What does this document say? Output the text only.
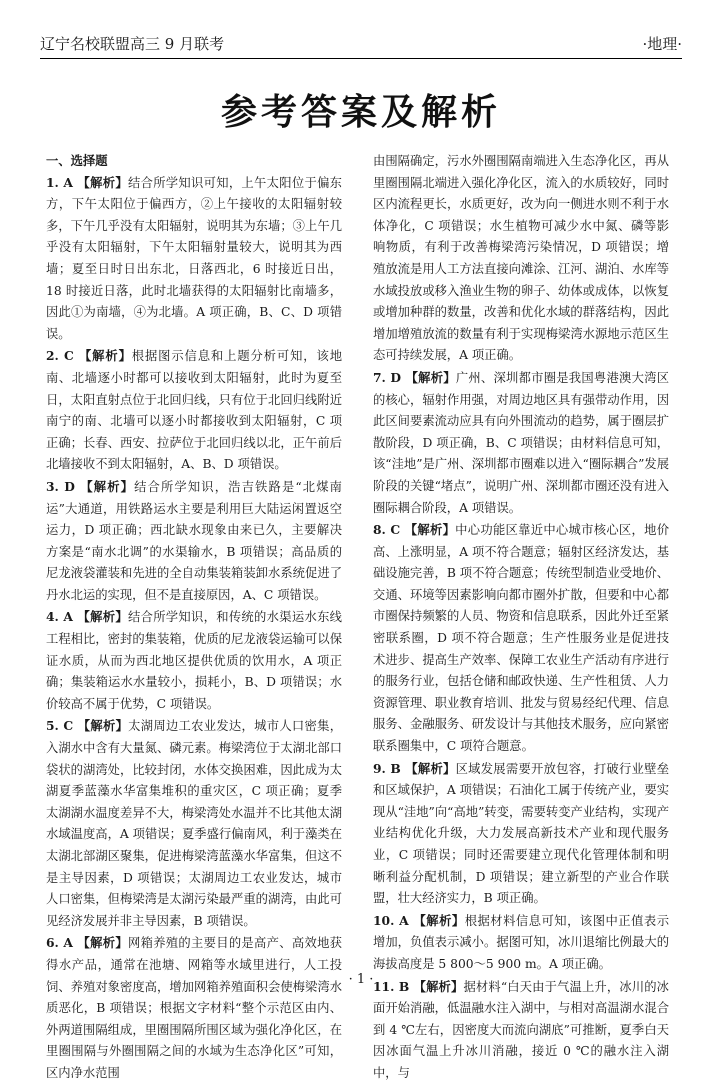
辽宁名校联盟高三 9 月联考	·地理·
参考答案及解析
一、选择题

1. A 【解析】结合所学知识可知，上午太阳位于偏东方，下午太阳位于偏西方，②上午接收的太阳辐射较多，下午几乎没有太阳辐射，说明其为东墙；③上午几乎没有太阳辐射，下午太阳辐射量较大，说明其为西墙；夏至日时日出东北，日落西北，6 时接近日出，18 时接近日落，此时北墙获得的太阳辐射比南墙多，因此①为南墙，④为北墙。A 项正确，B、C、D 项错误。

2. C 【解析】根据图示信息和上题分析可知，该地南、北墙逐小时都可以接收到太阳辐射，此时为夏至日，太阳直射点位于北回归线，只有位于北回归线附近南宁的南、北墙可以逐小时都接收到太阳辐射，C 项正确；长春、西安、拉萨位于北回归线以北，正午前后北墙接收不到太阳辐射，A、B、D 项错误。

3. D 【解析】结合所学知识，浩吉铁路是“北煤南运”大通道，用铁路运水主要是利用巨大陆运闲置返空运力，D 项正确；西北缺水现象由来已久，主要解决方案是“南水北调”的水渠输水，B 项错误；高品质的尼龙液袋灌装和先进的全自动集装箱装卸水系统促进了丹水北运的实现，但不是直接原因，A、C 项错误。

4. A 【解析】结合所学知识，和传统的水渠运水东线工程相比，密封的集装箱，优质的尼龙液袋运输可以保证水质，从而为西北地区提供优质的饮用水，A 项正确；集装箱运水水量较小，损耗小，B、D 项错误；水价较高不属于优势，C 项错误。

5. C 【解析】太湖周边工农业发达，城市人口密集，入湖水中含有大量氮、磷元素。梅梁湾位于太湖北部口袋状的湖湾处，比较封闭，水体交换困难，因此成为太湖夏季蓝藻水华富集堆积的重灾区，C 项正确；夏季太湖湖水温度差异不大，梅梁湾处水温并不比其他太湖水域温度高，A 项错误；夏季盛行偏南风，利于藻类在太湖北部湖区聚集，促进梅梁湾蓝藻水华富集，但这不是主导因素，D 项错误；太湖周边工农业发达，城市人口密集，但梅梁湾是太湖污染最严重的湖湾，由此可见经济发展并非主导因素，B 项错误。

6. A 【解析】网箱养殖的主要目的是高产、高效地获得水产品，通常在池塘、网箱等水域里进行，人工投饲、养殖对象密度高，增加网箱养殖面积会使梅梁湾水质恶化，B 项错误；根据文字材料“整个示范区由内、外两道围隔组成，里圈围隔所围区域为强化净化区，在里圈围隔与外圈围隔之间的水域为生态净化区”可知，区内净水范围

由围隔确定，污水外圈围隔南端进入生态净化区，再从里圈围隔北端进入强化净化区，流入的水质较好，同时区内流程更长，水质更好，改为向一侧进水则不利于水体净化，C 项错误；水生植物可减少水中氮、磷等影响物质，有利于改善梅梁湾污染情况，D 项错误；增殖放流是用人工方法直接向滩涂、江河、湖泊、水库等水域投放或移入渔业生物的卵子、幼体或成体，以恢复或增加种群的数量，改善和优化水域的群落结构，因此增加增殖放流的数量有利于实现梅梁湾水源地示范区生态可持续发展，A 项正确。

7. D 【解析】广州、深圳都市圈是我国粤港澳大湾区的核心，辐射作用强，对周边地区具有强带动作用，因此区间要素流动应具有向外围流动的趋势，属于圈层扩散阶段，D 项正确，B、C 项错误；由材料信息可知，该“洼地”是广州、深圳都市圈难以进入“圈际耦合”发展阶段的关键“堵点”，说明广州、深圳都市圈还没有进入圈际耦合阶段，A 项错误。

8. C 【解析】中心功能区靠近中心城市核心区，地价高、上涨明显，A 项不符合题意；辐射区经济发达，基础设施完善，B 项不符合题意；传统型制造业受地价、交通、环境等因素影响向都市圈外扩散，但要和中心都市圈保持频繁的人员、物资和信息联系，因此外迁至紧密联系圈，D 项不符合题意；生产性服务业是促进技术进步、提高生产效率、保障工农业生产活动有序进行的服务行业，包括仓储和邮政快递、生产性租赁、人力资源管理、职业教育培训、批发与贸易经纪代理、信息服务、金融服务、研发设计与其他技术服务，应向紧密联系圈集中，C 项符合题意。

9. B 【解析】区域发展需要开放包容，打破行业壁垒和区域保护，A 项错误；石油化工属于传统产业，要实现从“洼地”向“高地”转变，需要转变产业结构，实现产业结构优化升级，大力发展高新技术产业和现代服务业，C 项错误；同时还需要建立现代化管理体制和明晰利益分配机制，D 项错误；建立新型的产业合作联盟，壮大经济实力，B 项正确。

10. A 【解析】根据材料信息可知，该图中正值表示增加，负值表示减小。据图可知，冰川退缩比例最大的海拔高度是 5 800～5 900 m。A 项正确。

11. B 【解析】据材料“白天由于气温上升，冰川的冰面开始消融，低温融水注入湖中，与相对高温湖水混合到 4 ℃左右，因密度大而流向湖底”可推断，夏季白天因冰面气温上升冰川消融，接近 0 ℃的融水注入湖中，与

· 1 ·
